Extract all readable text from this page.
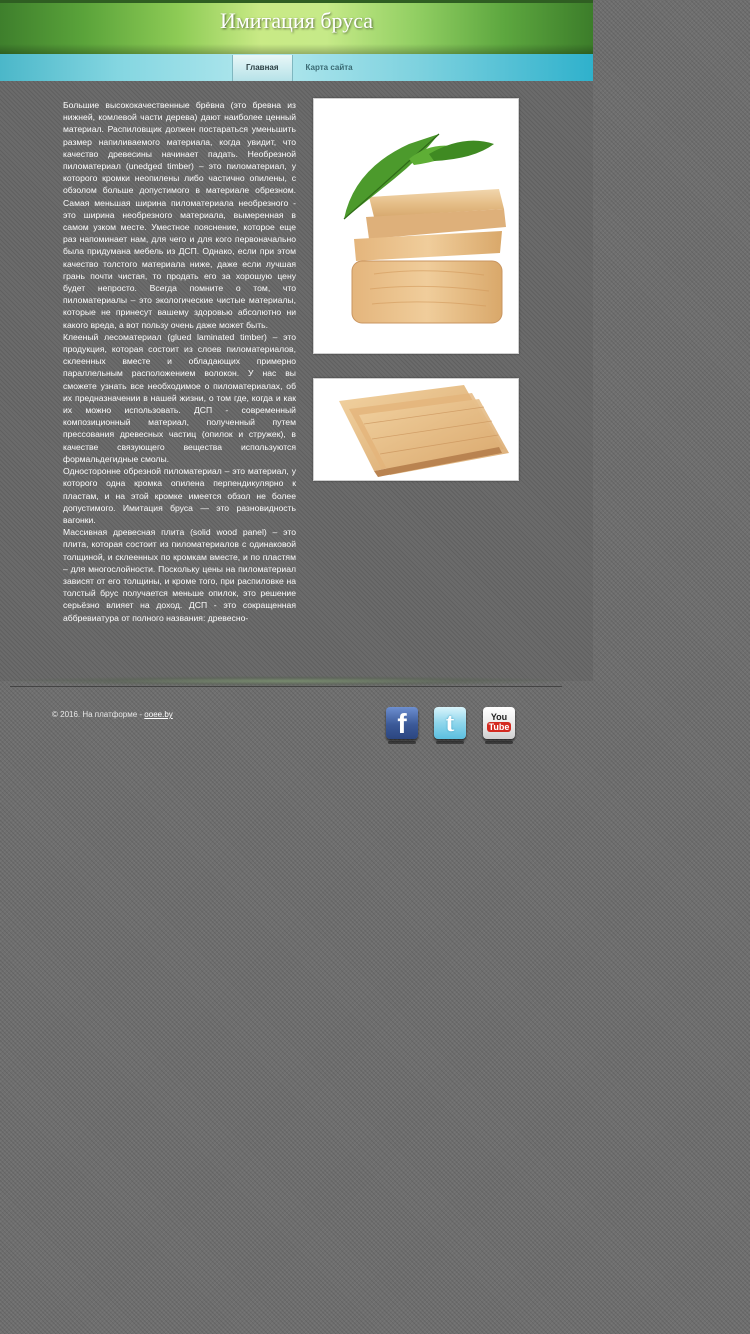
Имитация бруса
Главная	Карта сайта

Большие высококачественные брёвна (это бревна из нижней, комлевой части дерева) дают наиболее ценный материал. Распиловщик должен постараться уменьшить размер напиливаемого материала, когда увидит, что качество древесины начинает падать. Необрезной пиломатериал (unedged timber) – это пиломатериал, у которого кромки неопилены либо частично опилены, с обзолом больше допустимого в материале обрезном. Самая меньшая ширина пиломатериала необрезного - это ширина необрезного материала, вымеренная в самом узком месте. Уместное пояснение, которое еще раз напоминает нам, для чего и для кого первоначально была придумана мебель из ДСП. Однако, если при этом качество толстого материала ниже, даже если лучшая грань почти чистая, то продать его за хорошую цену будет непросто. Всегда помните о том, что пиломатериалы – это экологические чистые материалы, которые не принесут вашему здоровью абсолютно ни какого вреда, а вот пользу очень даже может быть.

Клееный лесоматериал (glued laminated timber) – это продукция, которая состоит из слоев пиломатериалов, склеенных вместе и обладающих примерно параллельным расположением волокон. У нас вы сможете узнать все необходимое о пиломатериалах, об их предназначении в нашей жизни, о том где, когда и как их можно использовать. ДСП - современный композиционный материал, полученный путем прессования древесных частиц (опилок и стружек), в качестве связующего вещества используются формальдегидные смолы.

Односторонне обрезной пиломатериал – это материал, у которого одна кромка опилена перпендикулярно к пластам, и на этой кромке имеется обзол не более допустимого. Имитация бруса — это разновидность вагонки.

Массивная древесная плита (solid wood panel) – это плита, которая состоит из пиломатериалов с одинаковой толщиной, и склеенных по кромкам вместе, и по пластям – для многослойности. Поскольку цены на пиломатериал зависят от его толщины, и кроме того, при распиловке на толстый брус получается меньше опилок, это решение серьёзно влияет на доход. ДСП - это сокращенная аббревиатура от полного названия: древесно-

© 2016. На платформе - ooee.by	f	t	You
Tube
